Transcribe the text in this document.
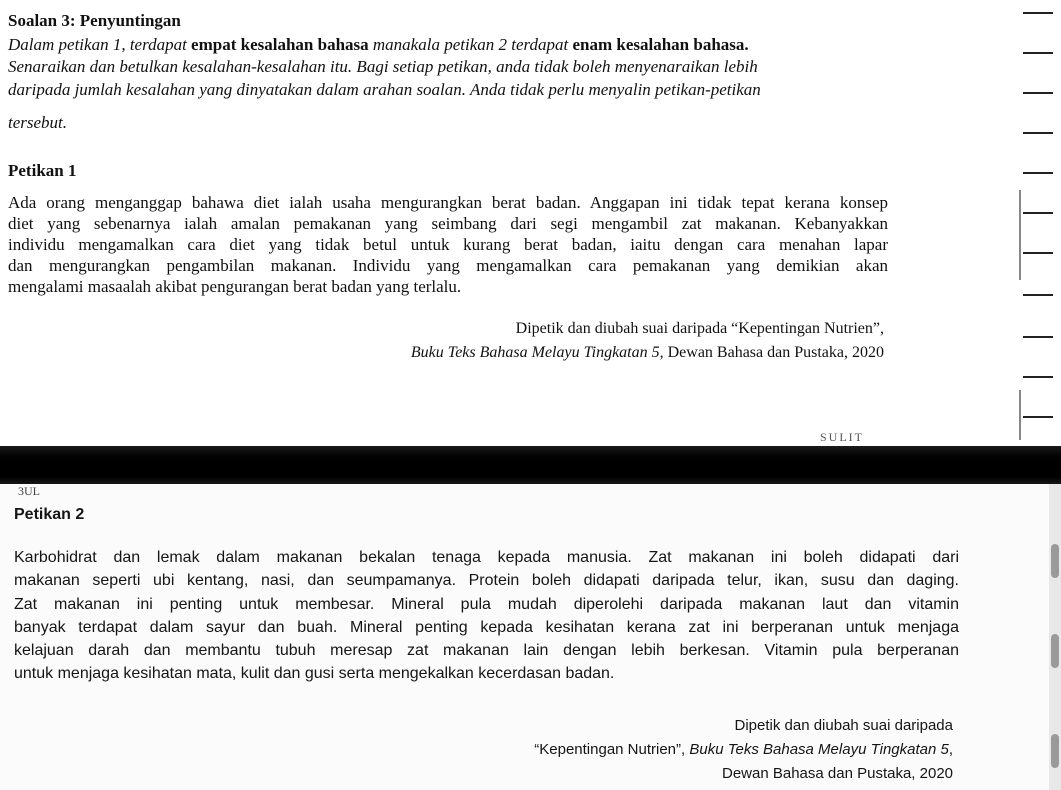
Soalan 3: Penyuntingan
Dalam petikan 1, terdapat empat kesalahan bahasa manakala petikan 2 terdapat enam kesalahan bahasa.
Senaraikan dan betulkan kesalahan-kesalahan itu. Bagi setiap petikan, anda tidak boleh menyenaraikan lebih
daripada jumlah kesalahan yang dinyatakan dalam arahan soalan. Anda tidak perlu menyalin petikan-petikan
tersebut.
Petikan 1
Ada orang menganggap bahawa diet ialah usaha mengurangkan berat badan. Anggapan ini tidak tepat kerana konsep
diet yang sebenarnya ialah amalan pemakanan yang seimbang dari segi mengambil zat makanan. Kebanyakkan
individu mengamalkan cara diet yang tidak betul untuk kurang berat badan, iaitu dengan cara menahan lapar
dan mengurangkan pengambilan makanan. Individu yang mengamalkan cara pemakanan yang demikian akan
mengalami masaalah akibat pengurangan berat badan yang terlalu.
Dipetik dan diubah suai daripada “Kepentingan Nutrien”,
Buku Teks Bahasa Melayu Tingkatan 5, Dewan Bahasa dan Pustaka, 2020
SULIT
3UL
Petikan 2
Karbohidrat dan lemak dalam makanan bekalan tenaga kepada manusia. Zat makanan ini boleh didapati dari
makanan seperti ubi kentang, nasi, dan seumpamanya. Protein boleh didapati daripada telur, ikan, susu dan daging.
Zat makanan ini penting untuk membesar. Mineral pula mudah diperolehi daripada makanan laut dan vitamin
banyak terdapat dalam sayur dan buah. Mineral penting kepada kesihatan kerana zat ini berperanan untuk menjaga
kelajuan darah dan membantu tubuh meresap zat makanan lain dengan lebih berkesan. Vitamin pula berperanan
untuk menjaga kesihatan mata, kulit dan gusi serta mengekalkan kecerdasan badan.
Dipetik dan diubah suai daripada
“Kepentingan Nutrien”, Buku Teks Bahasa Melayu Tingkatan 5,
Dewan Bahasa dan Pustaka, 2020
